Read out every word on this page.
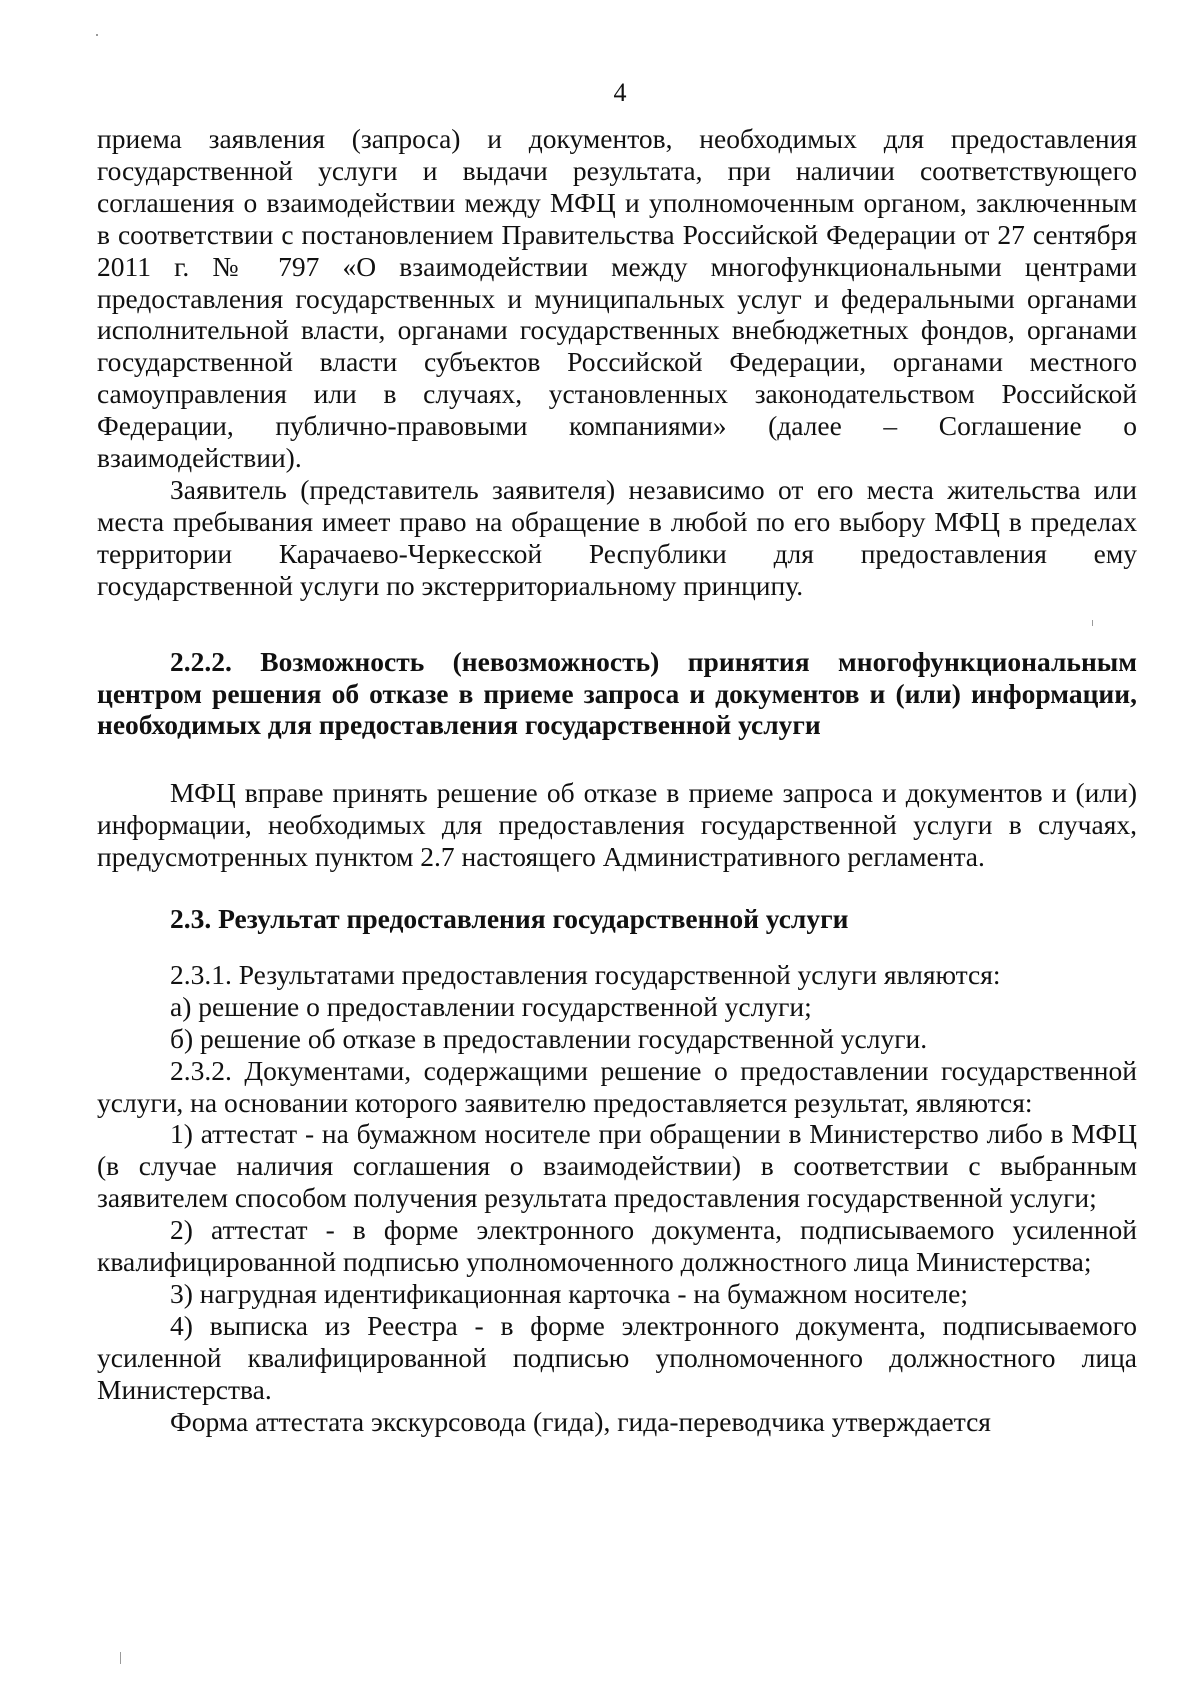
4

приема заявления (запроса) и документов, необходимых для предоставления государственной услуги и выдачи результата, при наличии соответствующего соглашения о взаимодействии между МФЦ и уполномоченным органом, заключенным в соответствии с постановлением Правительства Российской Федерации от 27 сентября 2011 г. № 797 «О взаимодействии между многофункциональными центрами предоставления государственных и муниципальных услуг и федеральными органами исполнительной власти, органами государственных внебюджетных фондов, органами государственной власти субъектов Российской Федерации, органами местного самоуправления или в случаях, установленных законодательством Российской Федерации, публично-правовыми компаниями» (далее – Соглашение о взаимодействии).

Заявитель (представитель заявителя) независимо от его места жительства или места пребывания имеет право на обращение в любой по его выбору МФЦ в пределах территории Карачаево-Черкесской Республики для предоставления ему государственной услуги по экстерриториальному принципу.

2.2.2. Возможность (невозможность) принятия многофункциональным центром решения об отказе в приеме запроса и документов и (или) информации, необходимых для предоставления государственной услуги

МФЦ вправе принять решение об отказе в приеме запроса и документов и (или) информации, необходимых для предоставления государственной услуги в случаях, предусмотренных пунктом 2.7 настоящего Административного регламента.

2.3. Результат предоставления государственной услуги

2.3.1. Результатами предоставления государственной услуги являются:

а) решение о предоставлении государственной услуги;

б) решение об отказе в предоставлении государственной услуги.

2.3.2. Документами, содержащими решение о предоставлении государственной услуги, на основании которого заявителю предоставляется результат, являются:

1) аттестат - на бумажном носителе при обращении в Министерство либо в МФЦ (в случае наличия соглашения о взаимодействии) в соответствии с выбранным заявителем способом получения результата предоставления государственной услуги;

2) аттестат - в форме электронного документа, подписываемого усиленной квалифицированной подписью уполномоченного должностного лица Министерства;

3) нагрудная идентификационная карточка - на бумажном носителе;

4) выписка из Реестра - в форме электронного документа, подписываемого усиленной квалифицированной подписью уполномоченного должностного лица Министерства.

Форма аттестата экскурсовода (гида), гида-переводчика утверждается
